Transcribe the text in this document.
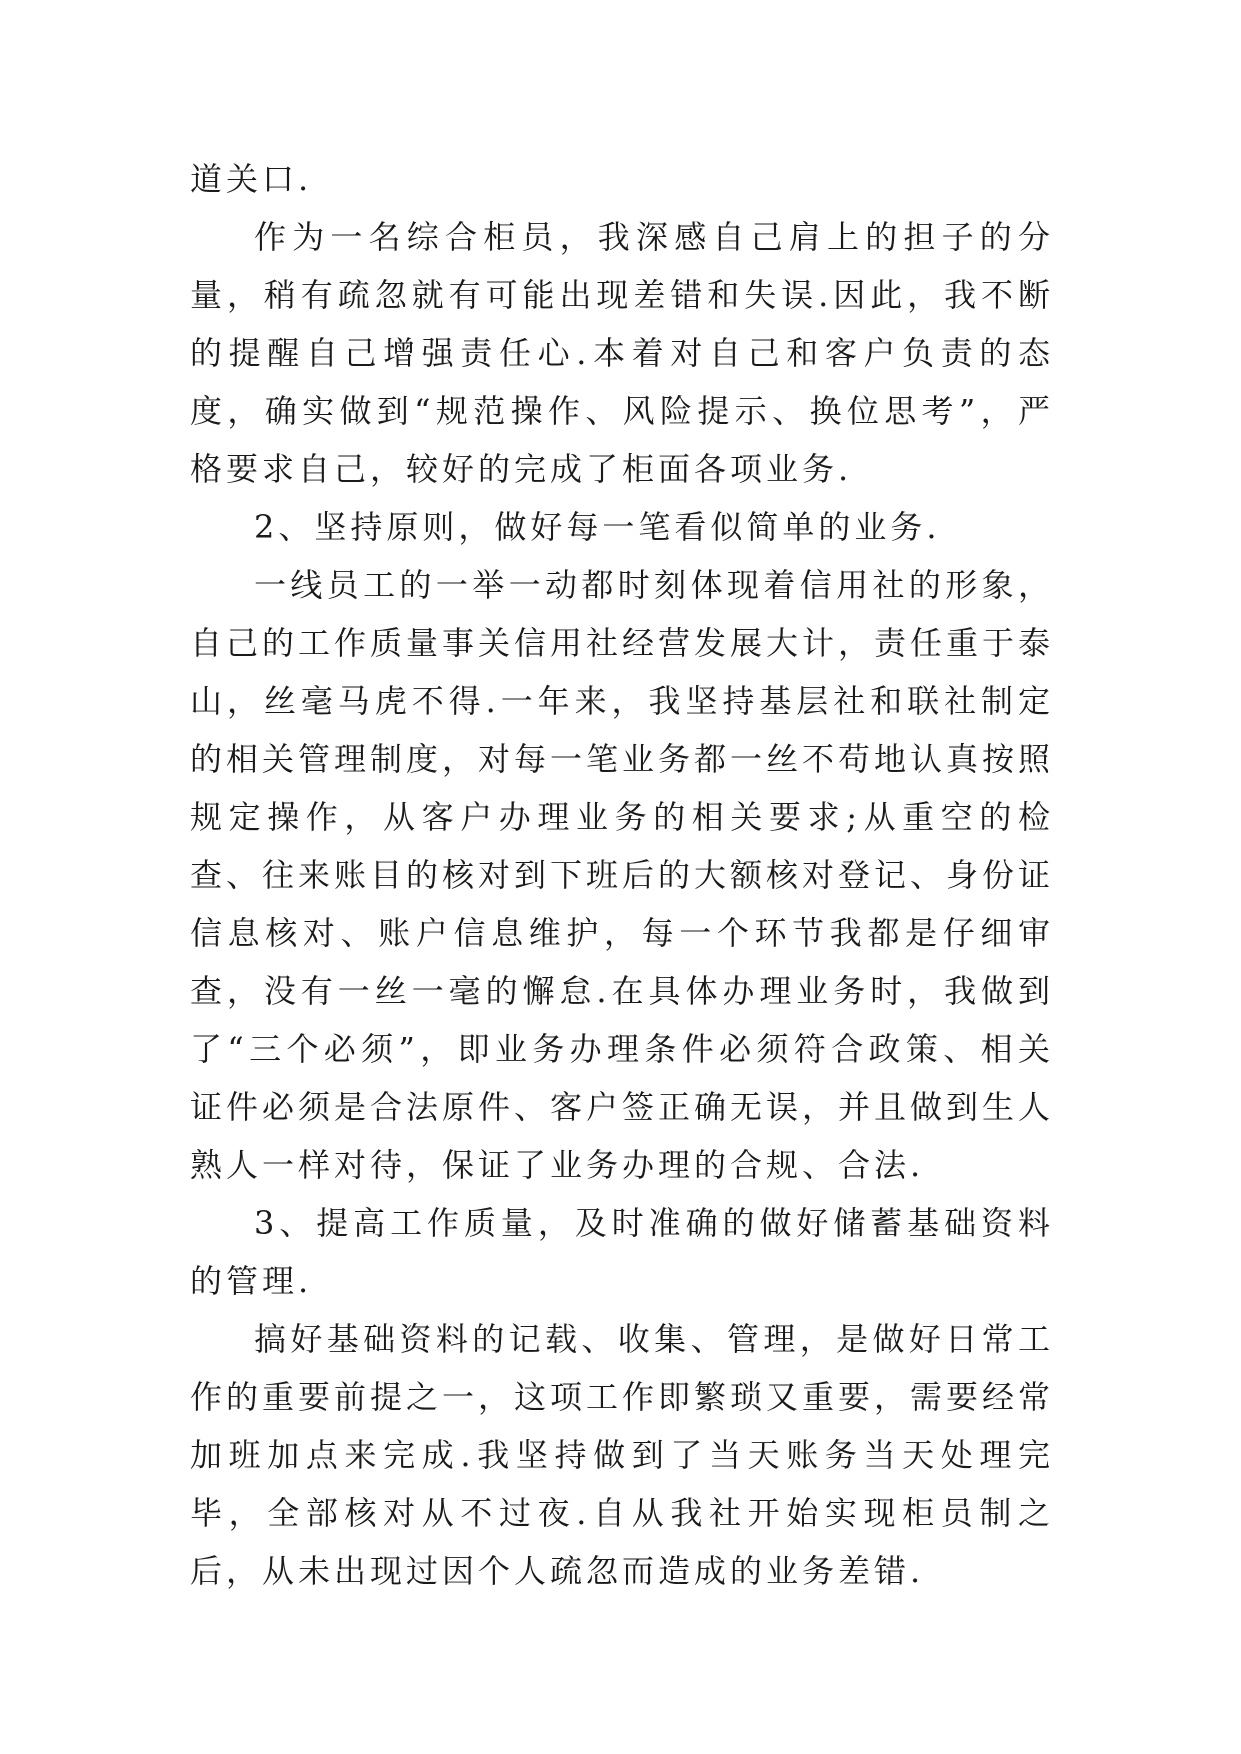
道关口.

作为一名综合柜员，我深感自己肩上的担子的分量，稍有疏忽就有可能出现差错和失误.因此，我不断的提醒自己增强责任心.本着对自己和客户负责的态度，确实做到“规范操作、风险提示、换位思考”，严格要求自己，较好的完成了柜面各项业务.

2、坚持原则，做好每一笔看似简单的业务.

一线员工的一举一动都时刻体现着信用社的形象，自己的工作质量事关信用社经营发展大计，责任重于泰山，丝毫马虎不得.一年来，我坚持基层社和联社制定的相关管理制度，对每一笔业务都一丝不苟地认真按照规定操作，从客户办理业务的相关要求;从重空的检查、往来账目的核对到下班后的大额核对登记、身份证信息核对、账户信息维护，每一个环节我都是仔细审查，没有一丝一毫的懈怠.在具体办理业务时，我做到了“三个必须”，即业务办理条件必须符合政策、相关证件必须是合法原件、客户签正确无误，并且做到生人熟人一样对待，保证了业务办理的合规、合法.

3、提高工作质量，及时准确的做好储蓄基础资料的管理.

搞好基础资料的记载、收集、管理，是做好日常工作的重要前提之一，这项工作即繁琐又重要，需要经常加班加点来完成.我坚持做到了当天账务当天处理完毕，全部核对从不过夜.自从我社开始实现柜员制之后，从未出现过因个人疏忽而造成的业务差错.
